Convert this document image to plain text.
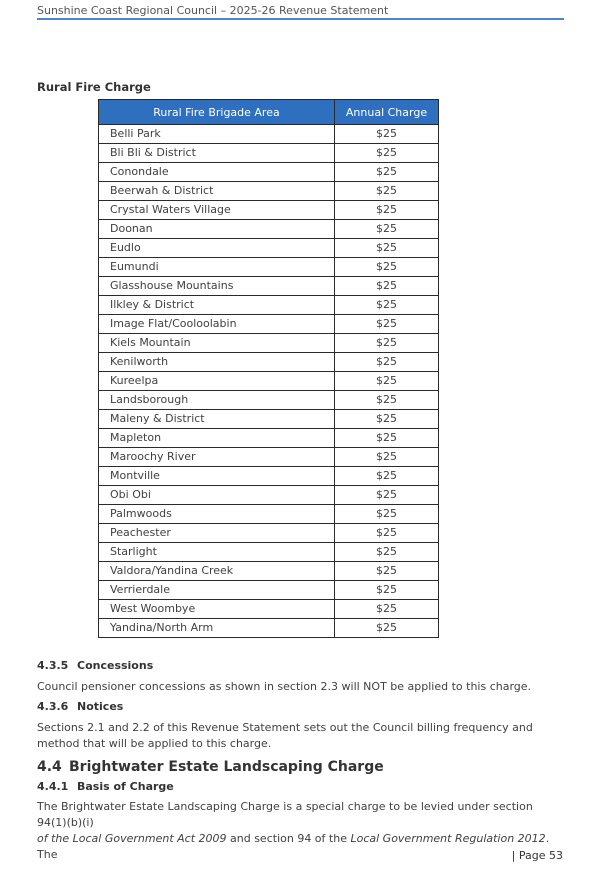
Sunshine Coast Regional Council – 2025-26 Revenue Statement
Rural Fire Charge
Rural Fire Brigade Area	Annual Charge
Belli Park	$25
Bli Bli & District	$25
Conondale	$25
Beerwah & District	$25
Crystal Waters Village	$25
Doonan	$25
Eudlo	$25
Eumundi	$25
Glasshouse Mountains	$25
Ilkley & District	$25
Image Flat/Cooloolabin	$25
Kiels Mountain	$25
Kenilworth	$25
Kureelpa	$25
Landsborough	$25
Maleny & District	$25
Mapleton	$25
Maroochy River	$25
Montville	$25
Obi Obi	$25
Palmwoods	$25
Peachester	$25
Starlight	$25
Valdora/Yandina Creek	$25
Verrierdale	$25
West Woombye	$25
Yandina/North Arm	$25
4.3.5 Concessions
Council pensioner concessions as shown in section 2.3 will NOT be applied to this charge.
4.3.6 Notices
Sections 2.1 and 2.2 of this Revenue Statement sets out the Council billing frequency and method that will be applied to this charge.
4.4 Brightwater Estate Landscaping Charge
4.4.1 Basis of Charge
The Brightwater Estate Landscaping Charge is a special charge to be levied under section 94(1)(b)(i)
of the Local Government Act 2009 and section 94 of the Local Government Regulation 2012. The	| Page 53
